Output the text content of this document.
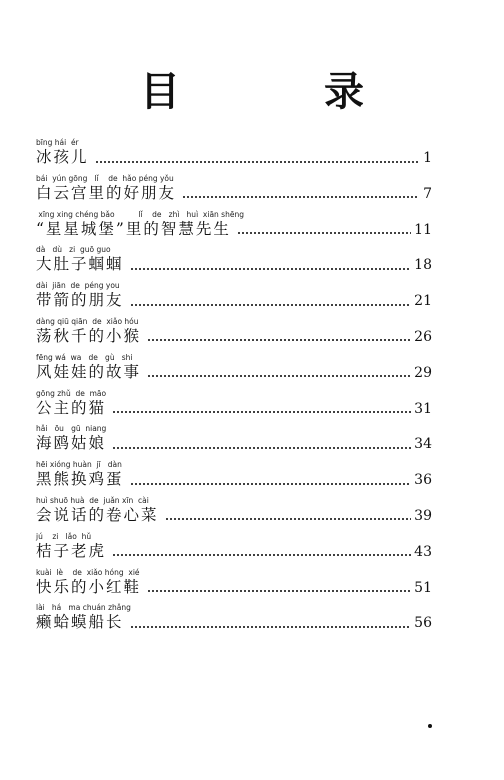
目　录
bīng hái  ér
冰孩儿	1
bái  yún gōng   lǐ    de  hǎo péng yǒu
白云宫里的好朋友	7
xīng xing chéng bǎo          lǐ    de   zhì   huì  xiān shēng
“星星城堡”里的智慧先生	11
dà   dù   zi  guō guo
大肚子蝈蝈	18
dài  jiān  de  péng you
带箭的朋友	21
dàng qiū qiān  de  xiǎo hóu
荡秋千的小猴	26
fēng wá  wa   de   gù   shi
风娃娃的故事	29
gōng zhǔ  de  māo
公主的猫	31
hǎi   ōu   gū  niang
海鸥姑娘	34
hēi xióng huàn  jī   dàn
黑熊换鸡蛋	36
huì shuō huà  de  juǎn xīn  cài
会说话的卷心菜	39
jú    zi   lǎo  hǔ
桔子老虎	43
kuài  lè    de  xiǎo hóng  xié
快乐的小红鞋	51
lài   há   ma chuán zhǎng
癞蛤蟆船长	56
